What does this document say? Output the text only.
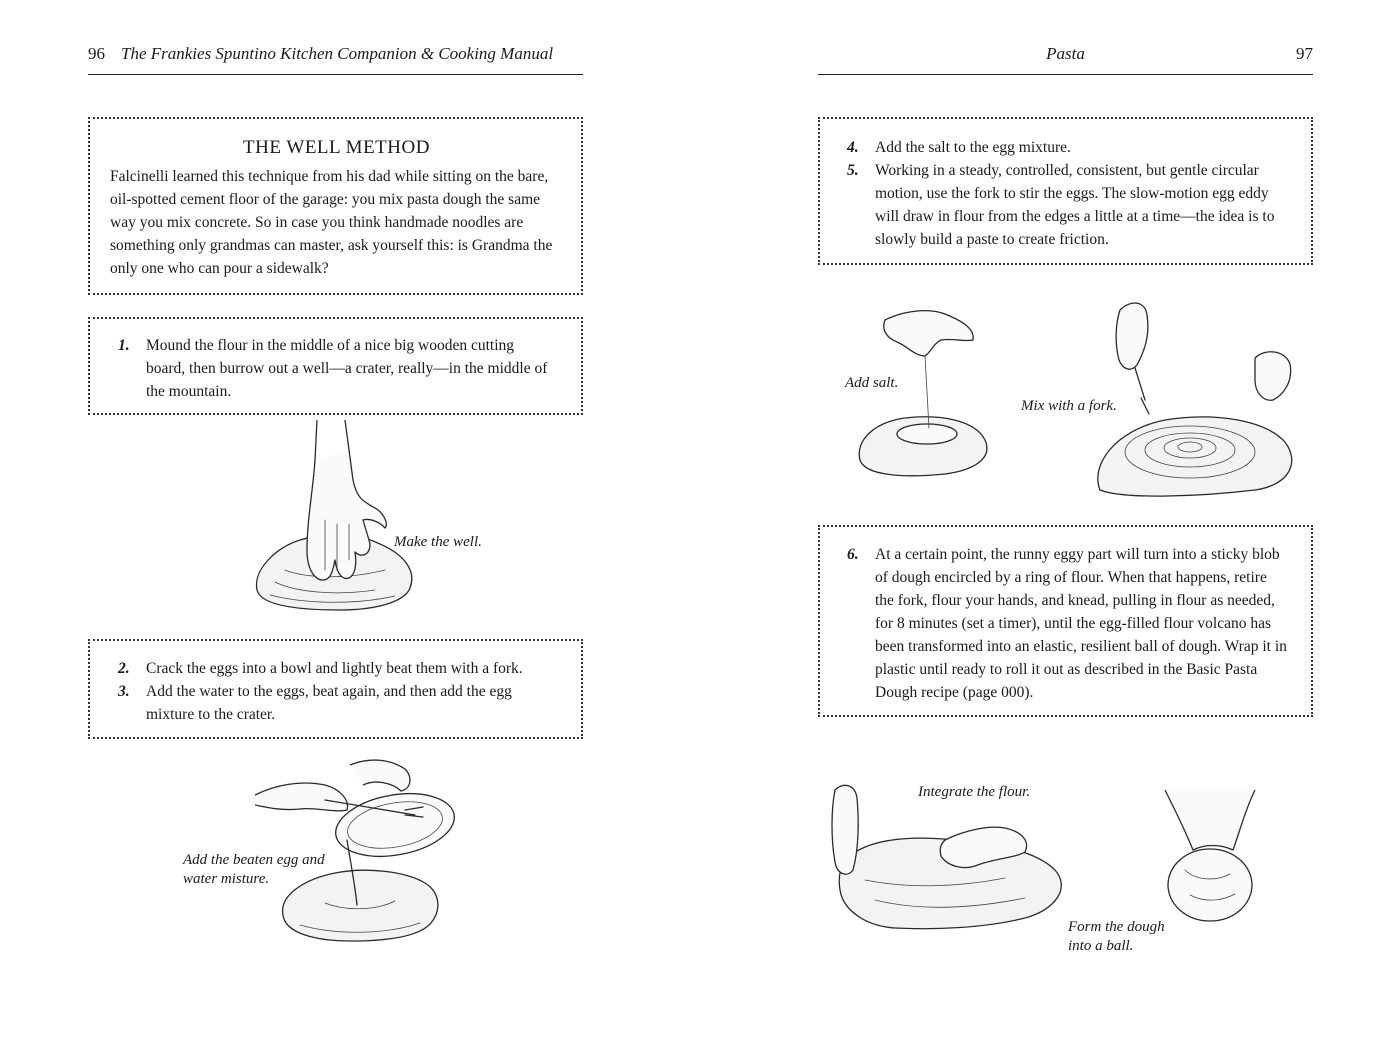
96 The Frankies Spuntino Kitchen Companion & Cooking Manual
THE WELL METHOD

Falcinelli learned this technique from his dad while sitting on the bare, oil-spotted cement floor of the garage: you mix pasta dough the same way you mix concrete. So in case you think handmade noodles are something only grandmas can master, ask yourself this: is Grandma the only one who can pour a sidewalk?

1. Mound the flour in the middle of a nice big wooden cutting board, then burrow out a well—a crater, really—in the middle of the mountain.
Make the well.
2. Crack the eggs into a bowl and lightly beat them with a fork.
3. Add the water to the eggs, beat again, and then add the egg mixture to the crater.
Add the beaten egg and
water misture.
Pasta	97
4. Add the salt to the egg mixture.
5. Working in a steady, controlled, consistent, but gentle circular motion, use the fork to stir the eggs. The slow-motion egg eddy will draw in flour from the edges a little at a time—the idea is to slowly build a paste to create friction.
Add salt.
Mix with a fork.
6. At a certain point, the runny eggy part will turn into a sticky blob of dough encircled by a ring of flour. When that happens, retire the fork, flour your hands, and knead, pulling in flour as needed, for 8 minutes (set a timer), until the egg-filled flour volcano has been transformed into an elastic, resilient ball of dough. Wrap it in plastic until ready to roll it out as described in the Basic Pasta Dough recipe (page 000).
Integrate the flour.
Form the dough
into a ball.
